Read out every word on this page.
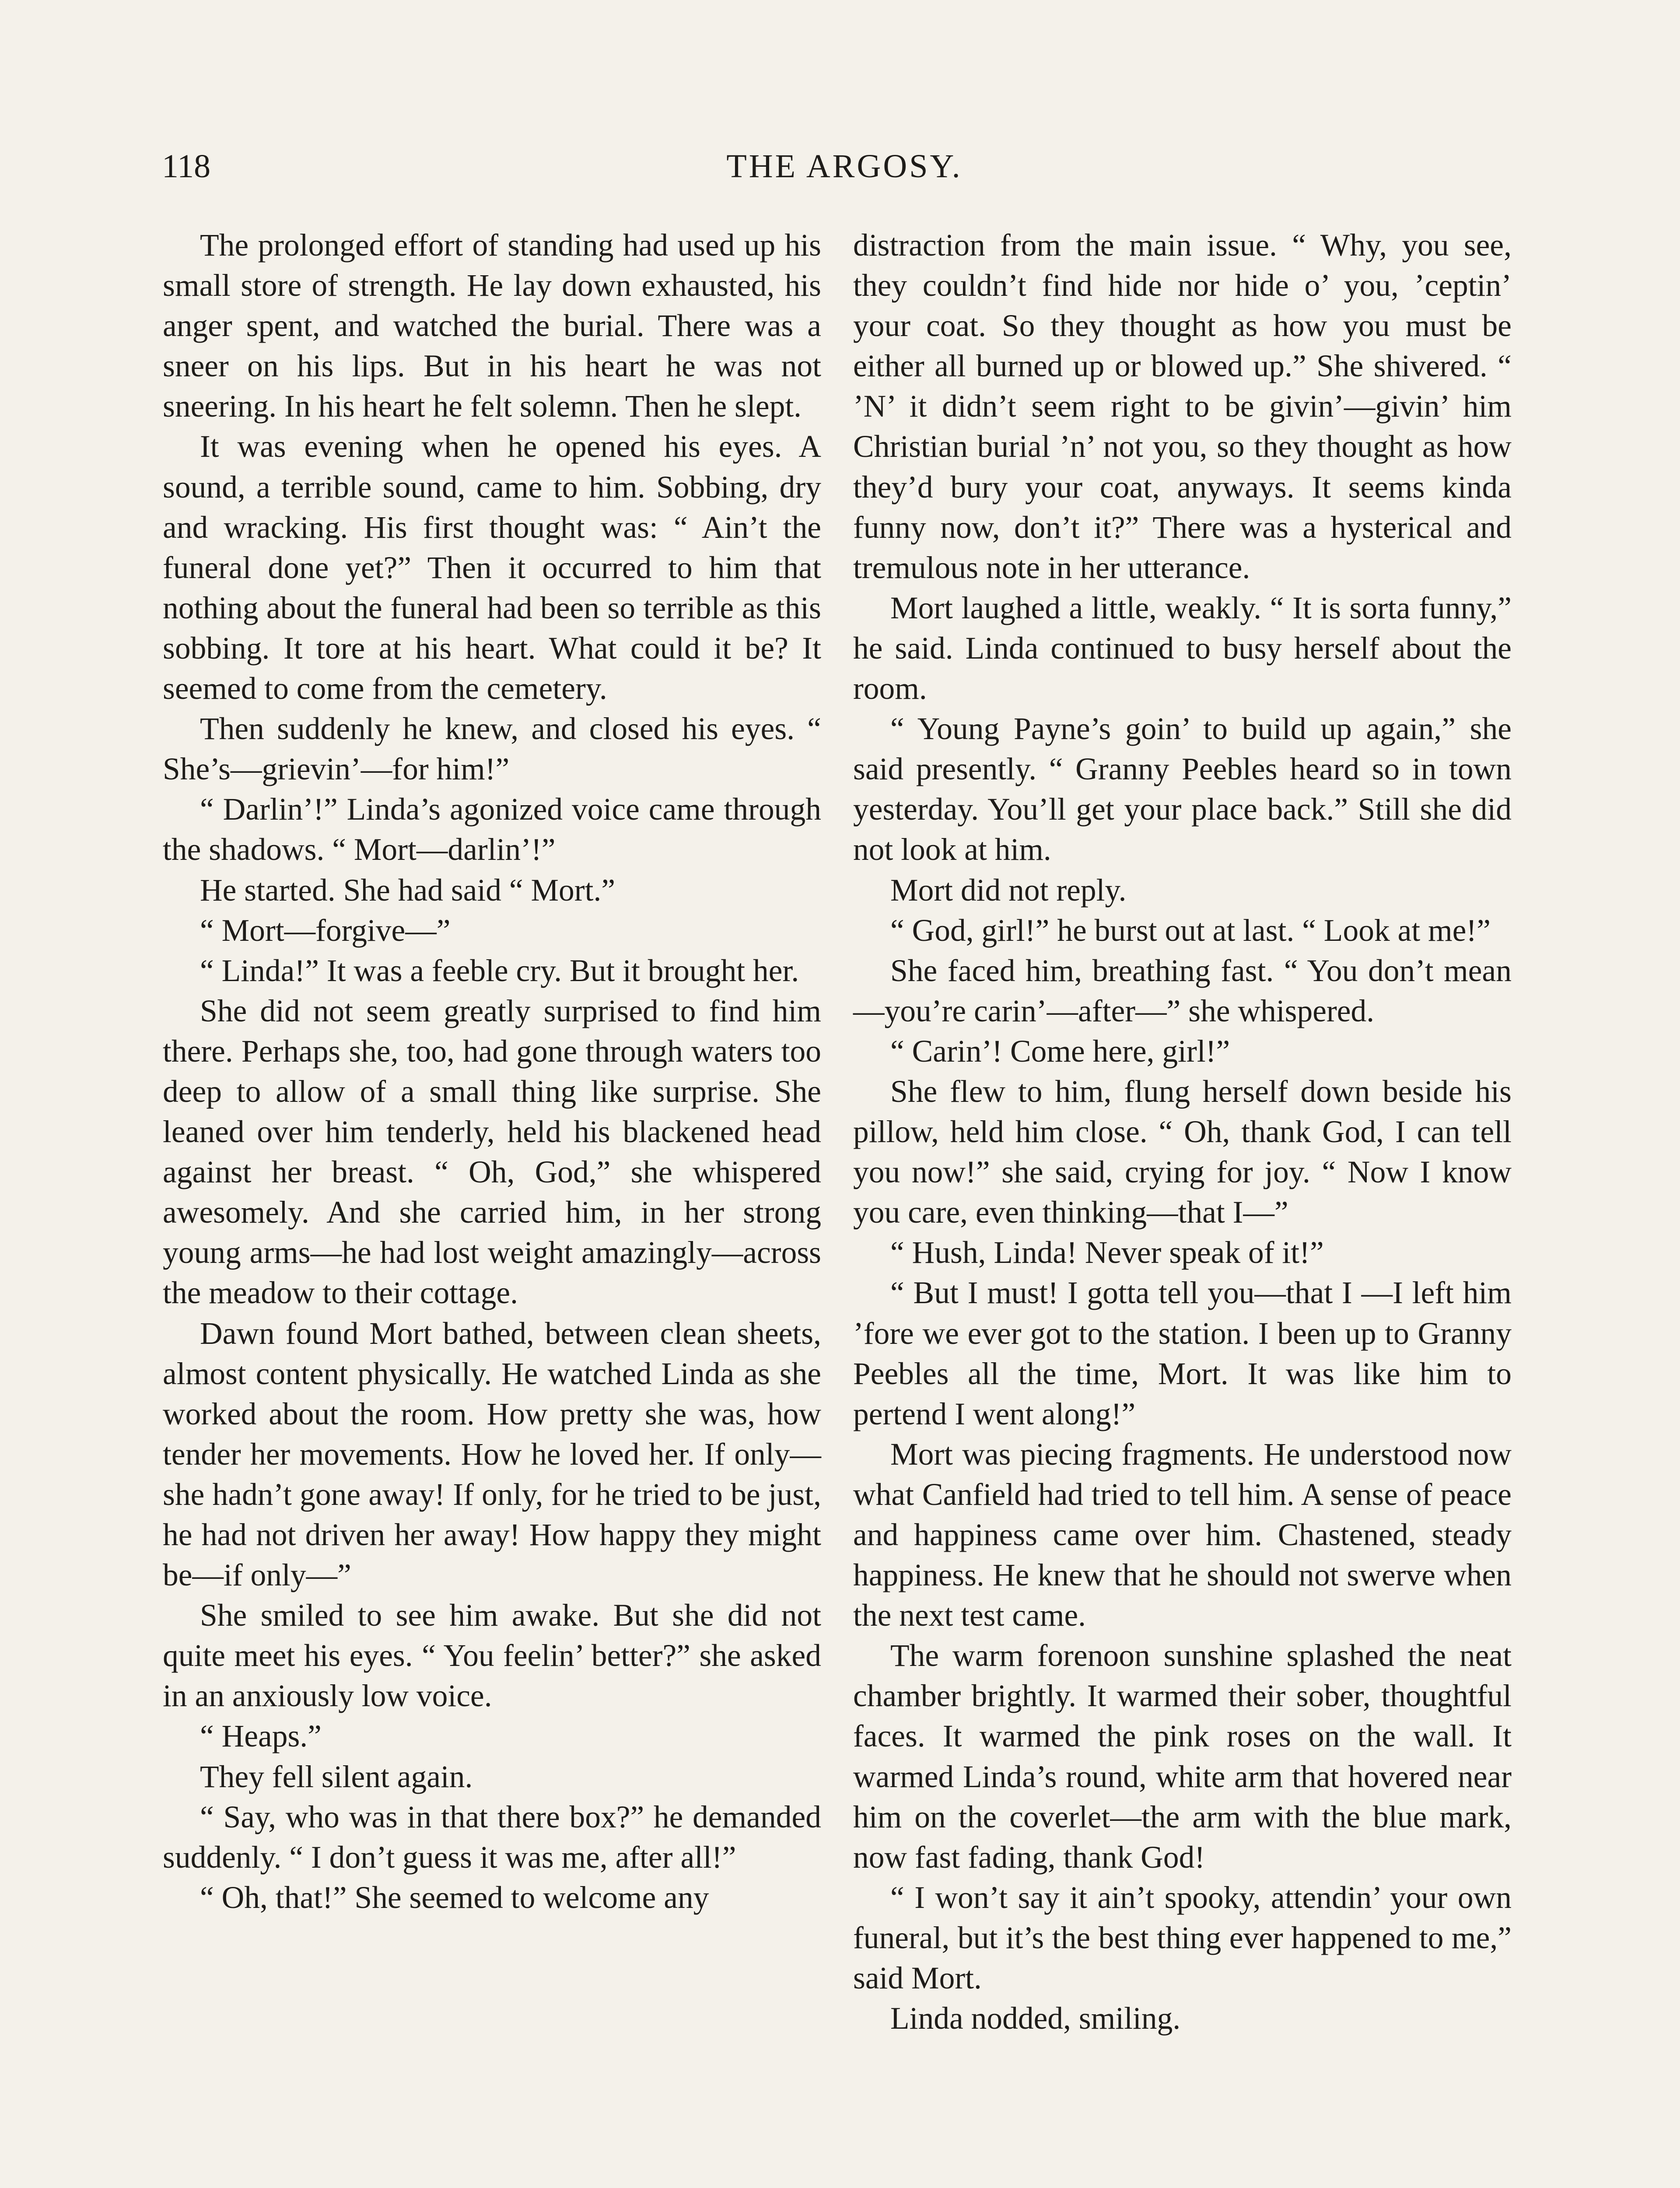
118	THE ARGOSY.

The prolonged effort of standing had used up his small store of strength. He lay down exhausted, his anger spent, and watched the burial. There was a sneer on his lips. But in his heart he was not sneering. In his heart he felt solemn. Then he slept.

It was evening when he opened his eyes. A sound, a terrible sound, came to him. Sobbing, dry and wracking. His first thought was: “ Ain’t the funeral done yet?” Then it occurred to him that nothing about the funeral had been so terrible as this sobbing. It tore at his heart. What could it be? It seemed to come from the cemetery.

Then suddenly he knew, and closed his eyes. “ She’s—grievin’—for him!”

“ Darlin’!” Linda’s agonized voice came through the shadows. “ Mort—darlin’!”

He started. She had said “ Mort.”

“ Mort—forgive—”

“ Linda!” It was a feeble cry. But it brought her.

She did not seem greatly surprised to find him there. Perhaps she, too, had gone through waters too deep to allow of a small thing like surprise. She leaned over him tenderly, held his blackened head against her breast. “ Oh, God,” she whispered awesomely. And she carried him, in her strong young arms—he had lost weight amazingly—across the meadow to their cottage.

Dawn found Mort bathed, between clean sheets, almost content physically. He watched Linda as she worked about the room. How pretty she was, how tender her movements. How he loved her. If only—she hadn’t gone away! If only, for he tried to be just, he had not driven her away! How happy they might be—if only—”

She smiled to see him awake. But she did not quite meet his eyes. “ You feelin’ better?” she asked in an anxiously low voice.

“ Heaps.”

They fell silent again.

“ Say, who was in that there box?” he demanded suddenly. “ I don’t guess it was me, after all!”

“ Oh, that!” She seemed to welcome any

distraction from the main issue. “ Why, you see, they couldn’t find hide nor hide o’ you, ’ceptin’ your coat. So they thought as how you must be either all burned up or blowed up.” She shivered. “ ’N’ it didn’t seem right to be givin’—givin’ him Christian burial ’n’ not you, so they thought as how they’d bury your coat, anyways. It seems kinda funny now, don’t it?” There was a hysterical and tremulous note in her utterance.

Mort laughed a little, weakly. “ It is sorta funny,” he said. Linda continued to busy herself about the room.

“ Young Payne’s goin’ to build up again,” she said presently. “ Granny Peebles heard so in town yesterday. You’ll get your place back.” Still she did not look at him.

Mort did not reply.

“ God, girl!” he burst out at last. “ Look at me!”

She faced him, breathing fast. “ You don’t mean—you’re carin’—after—” she whispered.

“ Carin’! Come here, girl!”

She flew to him, flung herself down beside his pillow, held him close. “ Oh, thank God, I can tell you now!” she said, crying for joy. “ Now I know you care, even thinking—that I—”

“ Hush, Linda! Never speak of it!”

“ But I must! I gotta tell you—that I —I left him ’fore we ever got to the station. I been up to Granny Peebles all the time, Mort. It was like him to pertend I went along!”

Mort was piecing fragments. He understood now what Canfield had tried to tell him. A sense of peace and happiness came over him. Chastened, steady happiness. He knew that he should not swerve when the next test came.

The warm forenoon sunshine splashed the neat chamber brightly. It warmed their sober, thoughtful faces. It warmed the pink roses on the wall. It warmed Linda’s round, white arm that hovered near him on the coverlet—the arm with the blue mark, now fast fading, thank God!

“ I won’t say it ain’t spooky, attendin’ your own funeral, but it’s the best thing ever happened to me,” said Mort.

Linda nodded, smiling.
